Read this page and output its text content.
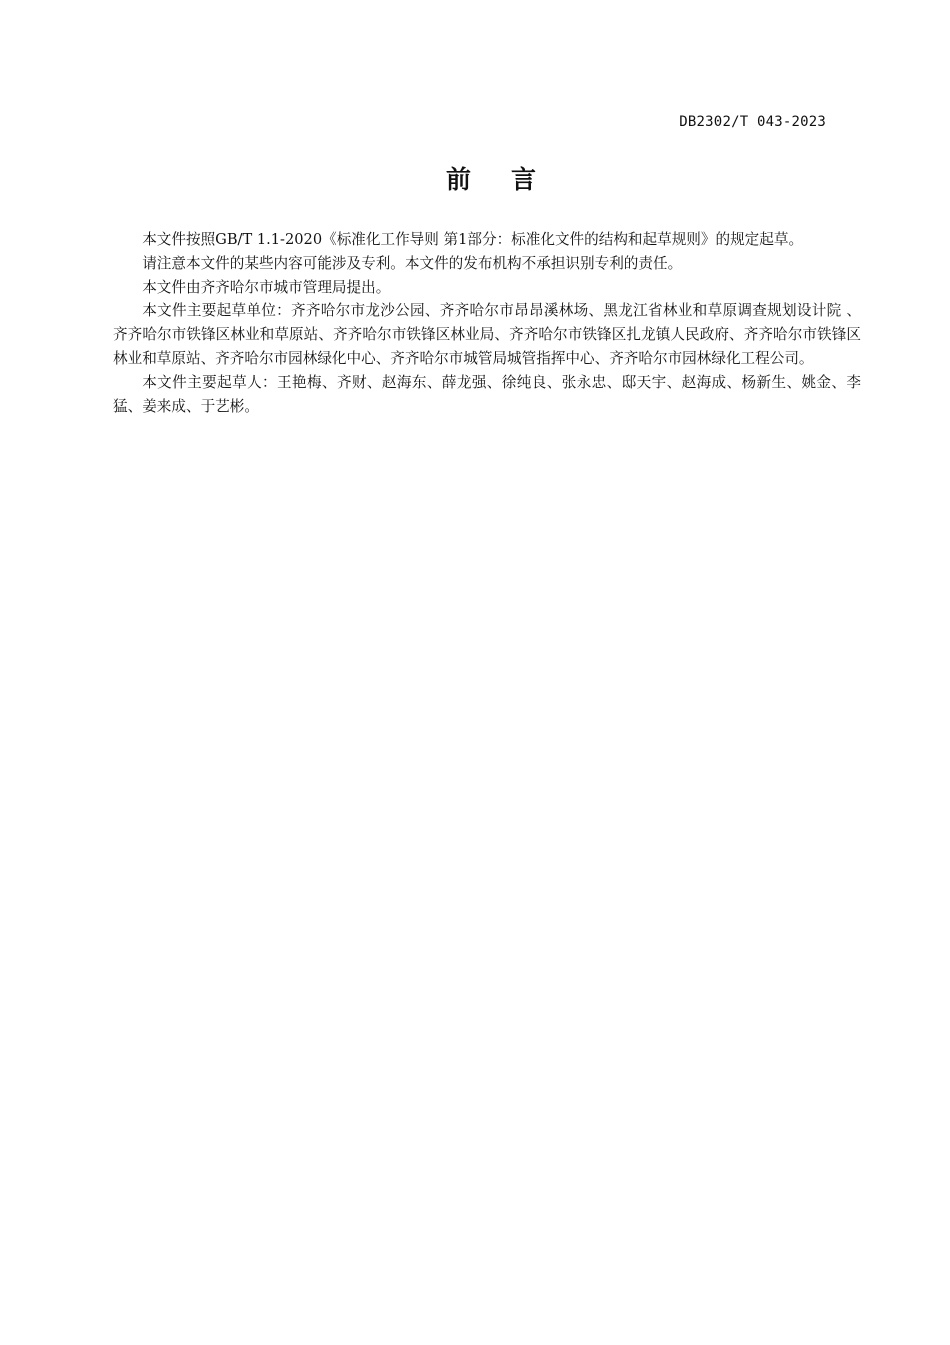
DB2302/T 043-2023
前言

本文件按照GB/T 1.1-2020《标准化工作导则 第1部分：标准化文件的结构和起草规则》的规定起草。

请注意本文件的某些内容可能涉及专利。本文件的发布机构不承担识别专利的责任。

本文件由齐齐哈尔市城市管理局提出。

本文件主要起草单位：齐齐哈尔市龙沙公园、齐齐哈尔市昂昂溪林场、黑龙江省林业和草原调查规划设计院 、齐齐哈尔市铁锋区林业和草原站、齐齐哈尔市铁锋区林业局、齐齐哈尔市铁锋区扎龙镇人民政府、齐齐哈尔市铁锋区林业和草原站、齐齐哈尔市园林绿化中心、齐齐哈尔市城管局城管指挥中心、齐齐哈尔市园林绿化工程公司。

本文件主要起草人：王艳梅、齐财、赵海东、薛龙强、徐纯良、张永忠、邸天宇、赵海成、杨新生、姚金、李猛、姜来成、于艺彬。
